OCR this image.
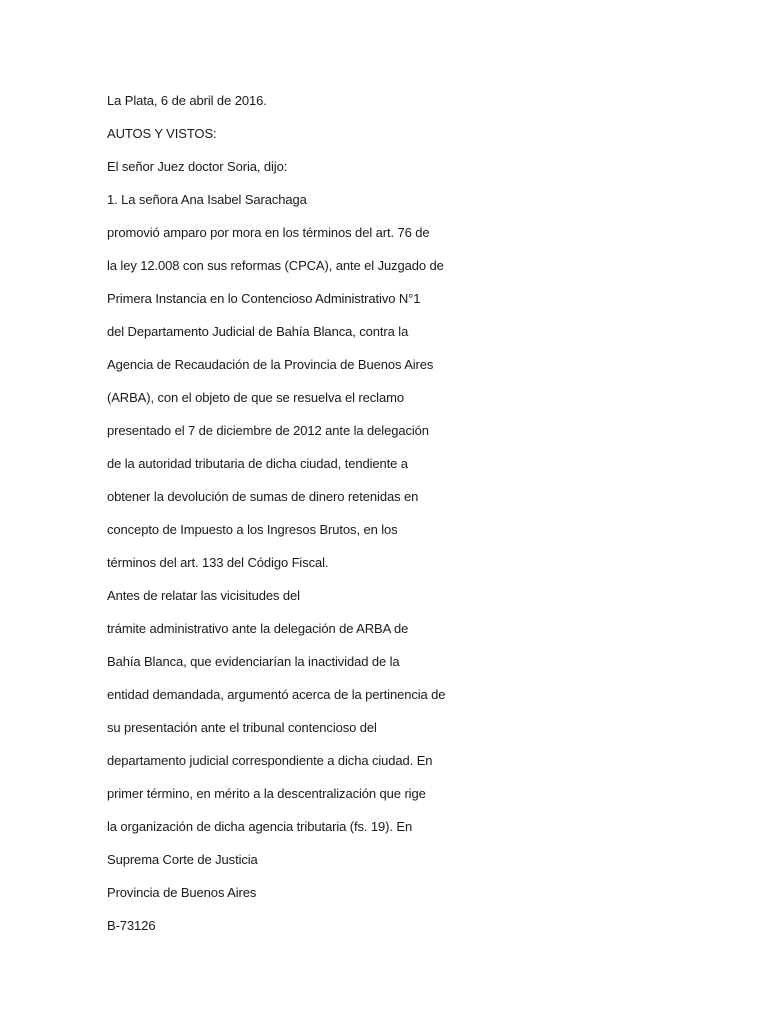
La Plata, 6 de abril de 2016.
AUTOS Y VISTOS:
El señor Juez doctor Soria, dijo:
1. La señora Ana Isabel Sarachaga
promovió amparo por mora en los términos del art. 76 de
la ley 12.008 con sus reformas (CPCA), ante el Juzgado de
Primera Instancia en lo Contencioso Administrativo N°1
del Departamento Judicial de Bahía Blanca, contra la
Agencia de Recaudación de la Provincia de Buenos Aires
(ARBA), con el objeto de que se resuelva el reclamo
presentado el 7 de diciembre de 2012 ante la delegación
de la autoridad tributaria de dicha ciudad, tendiente a
obtener la devolución de sumas de dinero retenidas en
concepto de Impuesto a los Ingresos Brutos, en los
términos del art. 133 del Código Fiscal.
Antes de relatar las vicisitudes del
trámite administrativo ante la delegación de ARBA de
Bahía Blanca, que evidenciarían la inactividad de la
entidad demandada, argumentó acerca de la pertinencia de
su presentación ante el tribunal contencioso del
departamento judicial correspondiente a dicha ciudad. En
primer término, en mérito a la descentralización que rige
la organización de dicha agencia tributaria (fs. 19). En
Suprema Corte de Justicia
Provincia de Buenos Aires
B-73126
